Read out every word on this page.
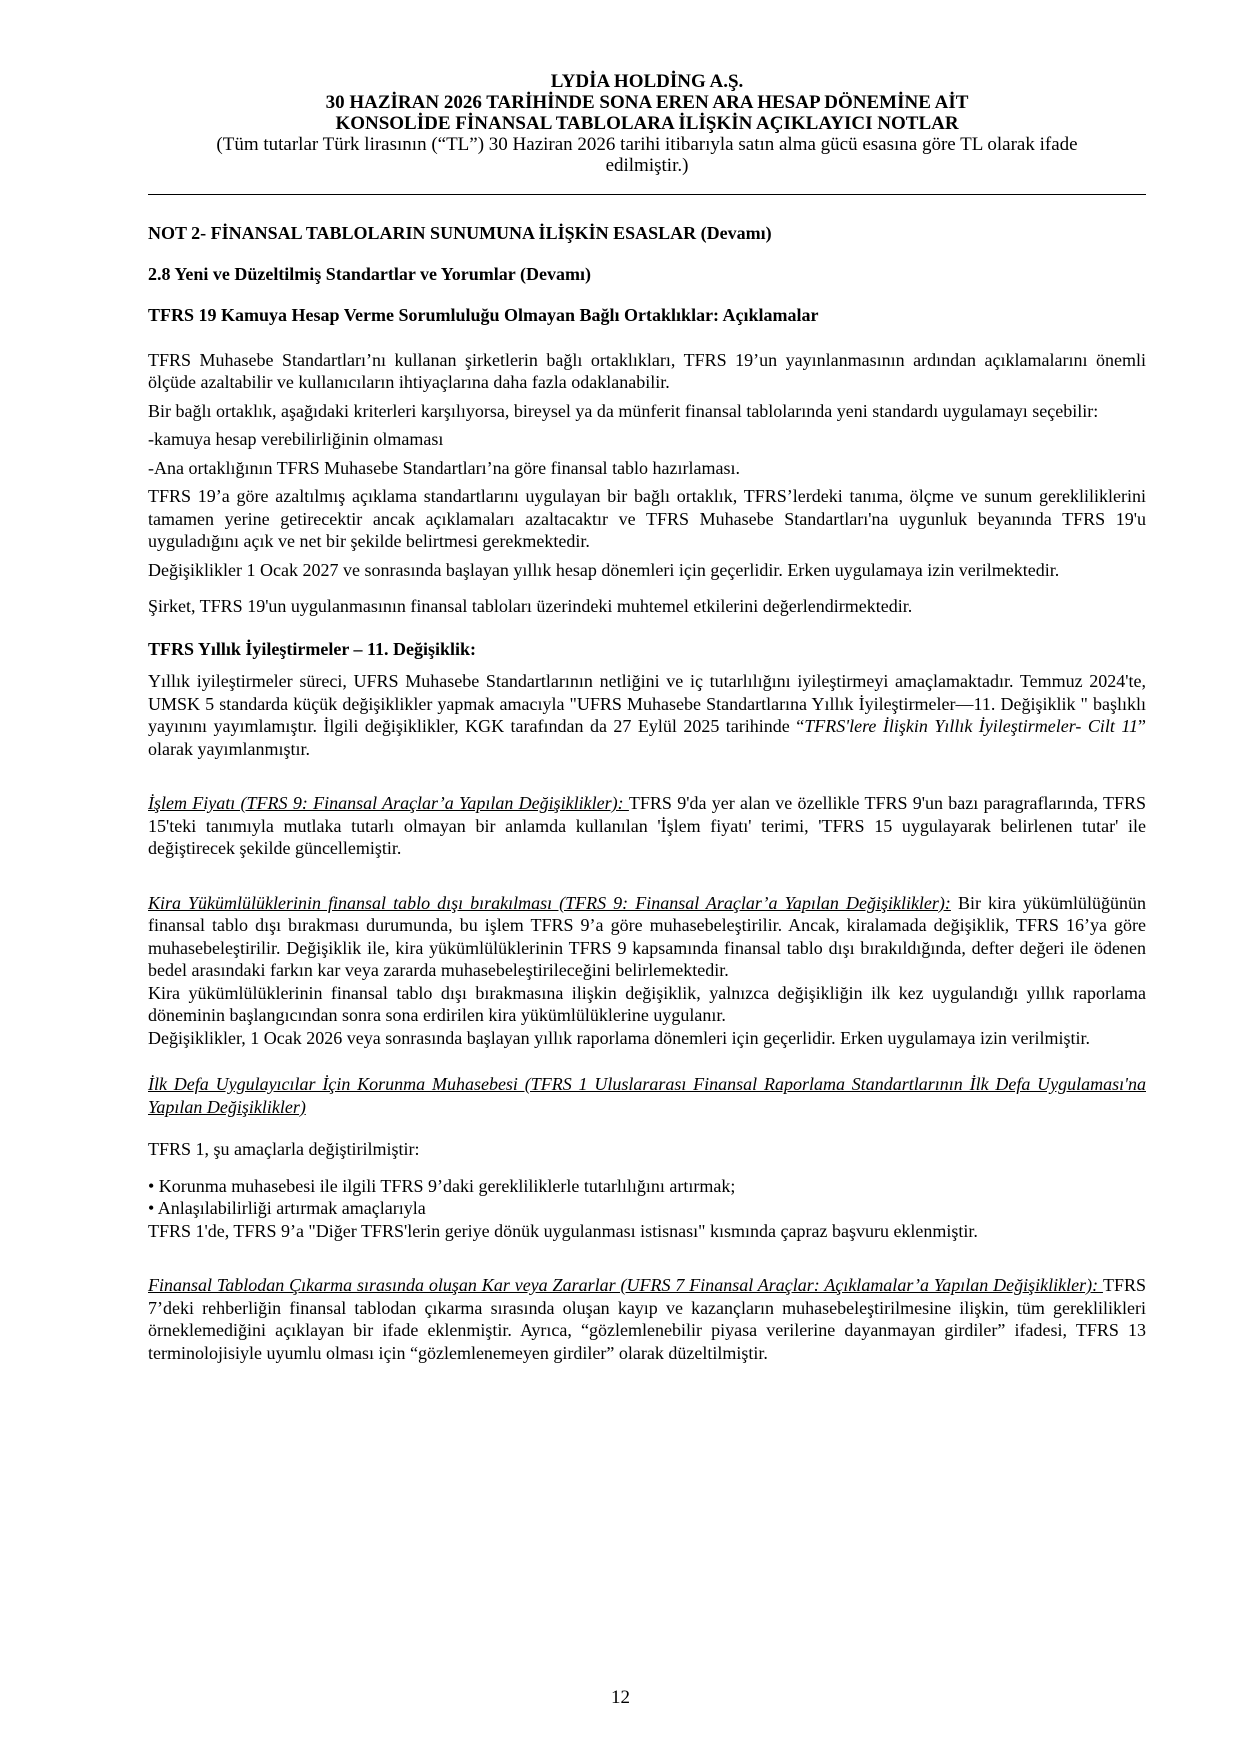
LYDİA HOLDİNG A.Ş.
30 HAZİRAN 2026 TARİHİNDE SONA EREN ARA HESAP DÖNEMİNE AİT
KONSOLİDE FİNANSAL TABLOLARA İLİŞKİN AÇIKLAYICI NOTLAR
(Tüm tutarlar Türk lirasının (“TL”) 30 Haziran 2026 tarihi itibarıyla satın alma gücü esasına göre TL olarak ifade
edilmiştir.)
NOT 2- FİNANSAL TABLOLARIN SUNUMUNA İLİŞKİN ESASLAR (Devamı)
2.8 Yeni ve Düzeltilmiş Standartlar ve Yorumlar (Devamı)
TFRS 19 Kamuya Hesap Verme Sorumluluğu Olmayan Bağlı Ortaklıklar: Açıklamalar

TFRS Muhasebe Standartları’nı kullanan şirketlerin bağlı ortaklıkları, TFRS 19’un yayınlanmasının ardından açıklamalarını önemli ölçüde azaltabilir ve kullanıcıların ihtiyaçlarına daha fazla odaklanabilir.

Bir bağlı ortaklık, aşağıdaki kriterleri karşılıyorsa, bireysel ya da münferit finansal tablolarında yeni standardı uygulamayı seçebilir:

-kamuya hesap verebilirliğinin olmaması

-Ana ortaklığının TFRS Muhasebe Standartları’na göre finansal tablo hazırlaması.

TFRS 19’a göre azaltılmış açıklama standartlarını uygulayan bir bağlı ortaklık, TFRS’lerdeki tanıma, ölçme ve sunum gerekliliklerini tamamen yerine getirecektir ancak açıklamaları azaltacaktır ve TFRS Muhasebe Standartları'na uygunluk beyanında TFRS 19'u uyguladığını açık ve net bir şekilde belirtmesi gerekmektedir.

Değişiklikler 1 Ocak 2027 ve sonrasında başlayan yıllık hesap dönemleri için geçerlidir. Erken uygulamaya izin verilmektedir.

Şirket, TFRS 19'un uygulanmasının finansal tabloları üzerindeki muhtemel etkilerini değerlendirmektedir.

TFRS Yıllık İyileştirmeler – 11. Değişiklik:

Yıllık iyileştirmeler süreci, UFRS Muhasebe Standartlarının netliğini ve iç tutarlılığını iyileştirmeyi amaçlamaktadır. Temmuz 2024'te, UMSK 5 standarda küçük değişiklikler yapmak amacıyla "UFRS Muhasebe Standartlarına Yıllık İyileştirmeler—11. Değişiklik " başlıklı yayınını yayımlamıştır. İlgili değişiklikler, KGK tarafından da 27 Eylül 2025 tarihinde “TFRS'lere İlişkin Yıllık İyileştirmeler- Cilt 11” olarak yayımlanmıştır.

İşlem Fiyatı (TFRS 9: Finansal Araçlar’a Yapılan Değişiklikler): TFRS 9'da yer alan ve özellikle TFRS 9'un bazı paragraflarında, TFRS 15'teki tanımıyla mutlaka tutarlı olmayan bir anlamda kullanılan 'İşlem fiyatı' terimi, 'TFRS 15 uygulayarak belirlenen tutar' ile değiştirecek şekilde güncellemiştir.

Kira Yükümlülüklerinin finansal tablo dışı bırakılması (TFRS 9: Finansal Araçlar’a Yapılan Değişiklikler): Bir kira yükümlülüğünün finansal tablo dışı bırakması durumunda, bu işlem TFRS 9’a göre muhasebeleştirilir. Ancak, kiralamada değişiklik, TFRS 16’ya göre muhasebeleştirilir. Değişiklik ile, kira yükümlülüklerinin TFRS 9 kapsamında finansal tablo dışı bırakıldığında, defter değeri ile ödenen bedel arasındaki farkın kar veya zararda muhasebeleştirileceğini belirlemektedir.

Kira yükümlülüklerinin finansal tablo dışı bırakmasına ilişkin değişiklik, yalnızca değişikliğin ilk kez uygulandığı yıllık raporlama döneminin başlangıcından sonra sona erdirilen kira yükümlülüklerine uygulanır.

Değişiklikler, 1 Ocak 2026 veya sonrasında başlayan yıllık raporlama dönemleri için geçerlidir. Erken uygulamaya izin verilmiştir.

İlk Defa Uygulayıcılar İçin Korunma Muhasebesi (TFRS 1 Uluslararası Finansal Raporlama Standartlarının İlk Defa Uygulaması'na Yapılan Değişiklikler)

TFRS 1, şu amaçlarla değiştirilmiştir:

• Korunma muhasebesi ile ilgili TFRS 9’daki gerekliliklerle tutarlılığını artırmak;

• Anlaşılabilirliği artırmak amaçlarıyla

TFRS 1'de, TFRS 9’a "Diğer TFRS'lerin geriye dönük uygulanması istisnası" kısmında çapraz başvuru eklenmiştir.

Finansal Tablodan Çıkarma sırasında oluşan Kar veya Zararlar (UFRS 7 Finansal Araçlar: Açıklamalar’a Yapılan Değişiklikler): TFRS 7’deki rehberliğin finansal tablodan çıkarma sırasında oluşan kayıp ve kazançların muhasebeleştirilmesine ilişkin, tüm gereklilikleri örneklemediğini açıklayan bir ifade eklenmiştir. Ayrıca, “gözlemlenebilir piyasa verilerine dayanmayan girdiler” ifadesi, TFRS 13 terminolojisiyle uyumlu olması için “gözlemlenemeyen girdiler” olarak düzeltilmiştir.

12
